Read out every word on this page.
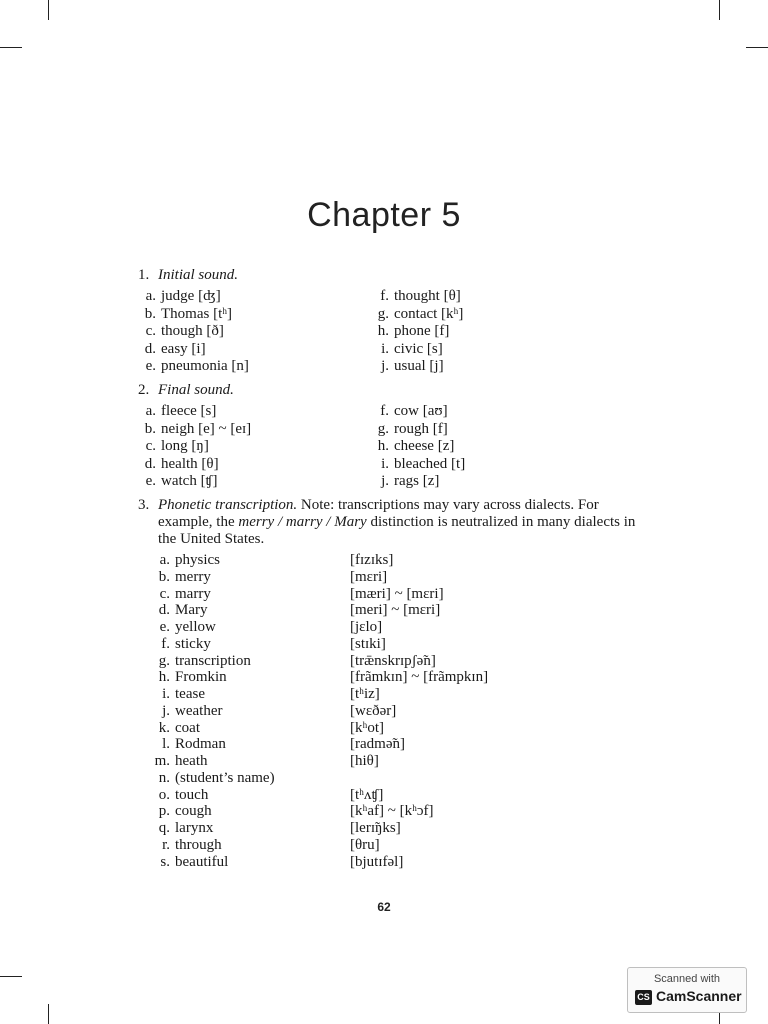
Chapter 5
1. Initial sound.
a. judge [ʤ]
b. Thomas [tʰ]
c. though [ð]
d. easy [i]
e. pneumonia [n]
f. thought [θ]
g. contact [kʰ]
h. phone [f]
i. civic [s]
j. usual [j]
2. Final sound.
a. fleece [s]
b. neigh [e] ~ [eɪ]
c. long [ŋ]
d. health [θ]
e. watch [ʧ]
f. cow [aʊ]
g. rough [f]
h. cheese [z]
i. bleached [t]
j. rags [z]
3. Phonetic transcription. Note: transcriptions may vary across dialects. For example, the merry / marry / Mary distinction is neutralized in many dialects in the United States.
a. physics	[fɪzɪks]
b. merry	[mɛri]
c. marry	[mæri] ~ [mɛri]
d. Mary	[meri] ~ [mɛri]
e. yellow	[jɛlo]
f. sticky	[stɪki]
g. transcription	[trǣnskrɪpʃə̃n]
h. Fromkin	[frãmkɪn] ~ [frãmpkɪn]
i. tease	[tʰiz]
j. weather	[wɛðər]
k. coat	[kʰot]
l. Rodman	[radmə̃n]
m. heath	[hiθ]
n. (student’s name)
o. touch	[tʰʌʧ]
p. cough	[kʰaf] ~ [kʰɔf]
q. larynx	[lerɪ̃ŋks]
r. through	[θru]
s. beautiful	[bjutɪfəl]
62
Scanned with
CS CamScanner
